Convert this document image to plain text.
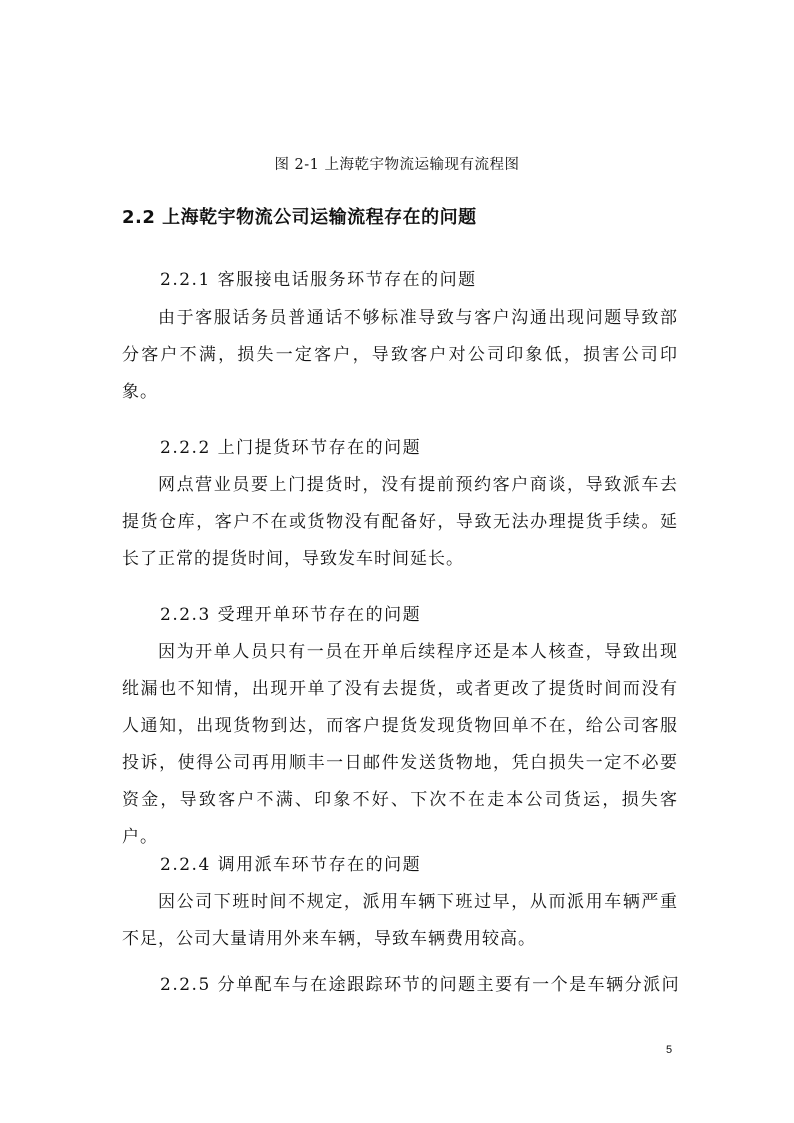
图 2-1 上海乾宇物流运输现有流程图
2.2 上海乾宇物流公司运输流程存在的问题
2.2.1 客服接电话服务环节存在的问题

由于客服话务员普通话不够标准导致与客户沟通出现问题导致部分客户不满，损失一定客户，导致客户对公司印象低，损害公司印象。

2.2.2 上门提货环节存在的问题

网点营业员要上门提货时，没有提前预约客户商谈，导致派车去提货仓库，客户不在或货物没有配备好，导致无法办理提货手续。延长了正常的提货时间，导致发车时间延长。

2.2.3 受理开单环节存在的问题

因为开单人员只有一员在开单后续程序还是本人核查，导致出现纰漏也不知情，出现开单了没有去提货，或者更改了提货时间而没有人通知，出现货物到达，而客户提货发现货物回单不在，给公司客服投诉，使得公司再用顺丰一日邮件发送货物地，凭白损失一定不必要资金，导致客户不满、印象不好、下次不在走本公司货运，损失客户。

2.2.4 调用派车环节存在的问题

因公司下班时间不规定，派用车辆下班过早，从而派用车辆严重不足，公司大量请用外来车辆，导致车辆费用较高。

2.2.5 分单配车与在途跟踪环节的问题主要有一个是车辆分派问
5
